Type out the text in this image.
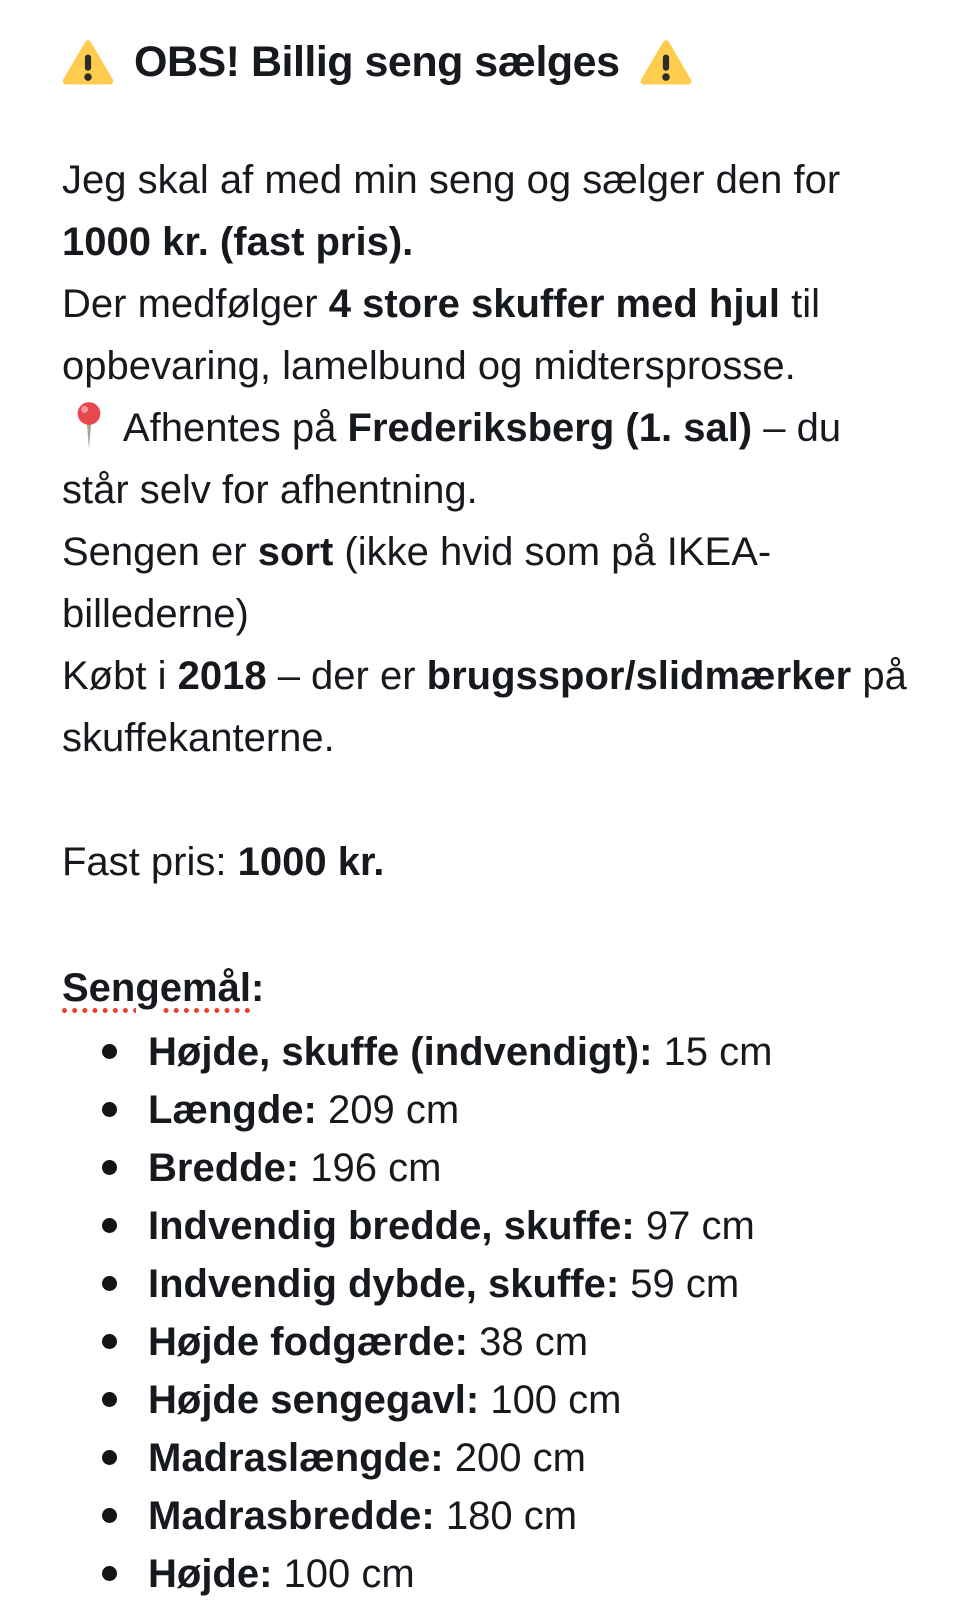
OBS! Billig seng sælges

Jeg skal af med min seng og sælger den for 1000 kr. (fast pris).

Der medfølger 4 store skuffer med hjul til opbevaring, lamelbund og midtersprosse.

Afhentes på Frederiksberg (1. sal) – du står selv for afhentning.

Sengen er sort (ikke hvid som på IKEA-billederne)

Købt i 2018 – der er brugsspor/slidmærker på skuffekanterne.

Fast pris: 1000 kr.

Sengemål:
Højde, skuffe (indvendigt): 15 cm
Længde: 209 cm
Bredde: 196 cm
Indvendig bredde, skuffe: 97 cm
Indvendig dybde, skuffe: 59 cm
Højde fodgærde: 38 cm
Højde sengegavl: 100 cm
Madraslængde: 200 cm
Madrasbredde: 180 cm
Højde: 100 cm
